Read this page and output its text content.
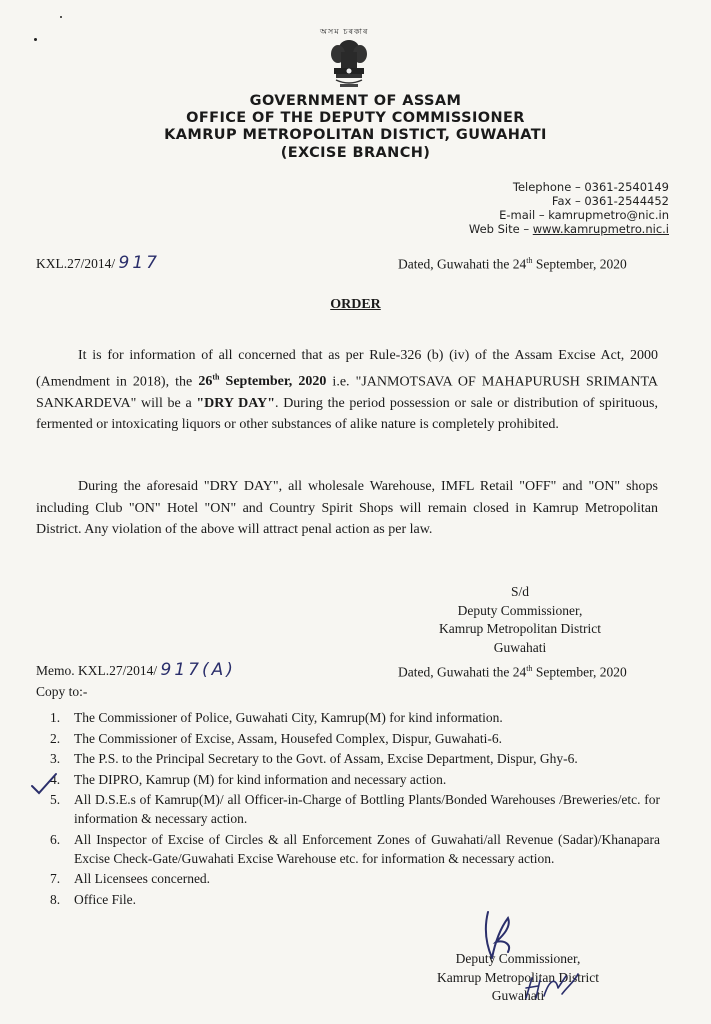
অসম চৰকাৰ
GOVERNMENT OF ASSAM
OFFICE OF THE DEPUTY COMMISSIONER
KAMRUP METROPOLITAN DISTICT, GUWAHATI
(EXCISE BRANCH)
Telephone – 0361-2540149
Fax – 0361-2544452
E-mail – kamrupmetro@nic.in
Web Site – www.kamrupmetro.nic.i
KXL.27/2014/ 917	Dated, Guwahati the 24th September, 2020
ORDER
It is for information of all concerned that as per Rule-326 (b) (iv) of the Assam Excise Act, 2000 (Amendment in 2018), the 26th September, 2020 i.e. "JANMOTSAVA OF MAHAPURUSH SRIMANTA SANKARDEVA" will be a "DRY DAY". During the period possession or sale or distribution of spirituous, fermented or intoxicating liquors or other substances of alike nature is completely prohibited.
During the aforesaid "DRY DAY", all wholesale Warehouse, IMFL Retail "OFF" and "ON" shops including Club "ON" Hotel "ON" and Country Spirit Shops will remain closed in Kamrup Metropolitan District. Any violation of the above will attract penal action as per law.
S/d
Deputy Commissioner,
Kamrup Metropolitan District
Guwahati
Memo. KXL.27/2014/ 917(A)	Dated, Guwahati the 24th September, 2020
Copy to:-
1. The Commissioner of Police, Guwahati City, Kamrup(M) for kind information.
2. The Commissioner of Excise, Assam, Housefed Complex, Dispur, Guwahati-6.
3. The P.S. to the Principal Secretary to the Govt. of Assam, Excise Department, Dispur, Ghy-6.
4. The DIPRO, Kamrup (M) for kind information and necessary action.
5. All D.S.E.s of Kamrup(M)/ all Officer-in-Charge of Bottling Plants/Bonded Warehouses /Breweries/etc. for information & necessary action.
6. All Inspector of Excise of Circles & all Enforcement Zones of Guwahati/all Revenue (Sadar)/Khanapara Excise Check-Gate/Guwahati Excise Warehouse etc. for information & necessary action.
7. All Licensees concerned.
8. Office File.
Deputy Commissioner,
Kamrup Metropolitan District
Guwahati
